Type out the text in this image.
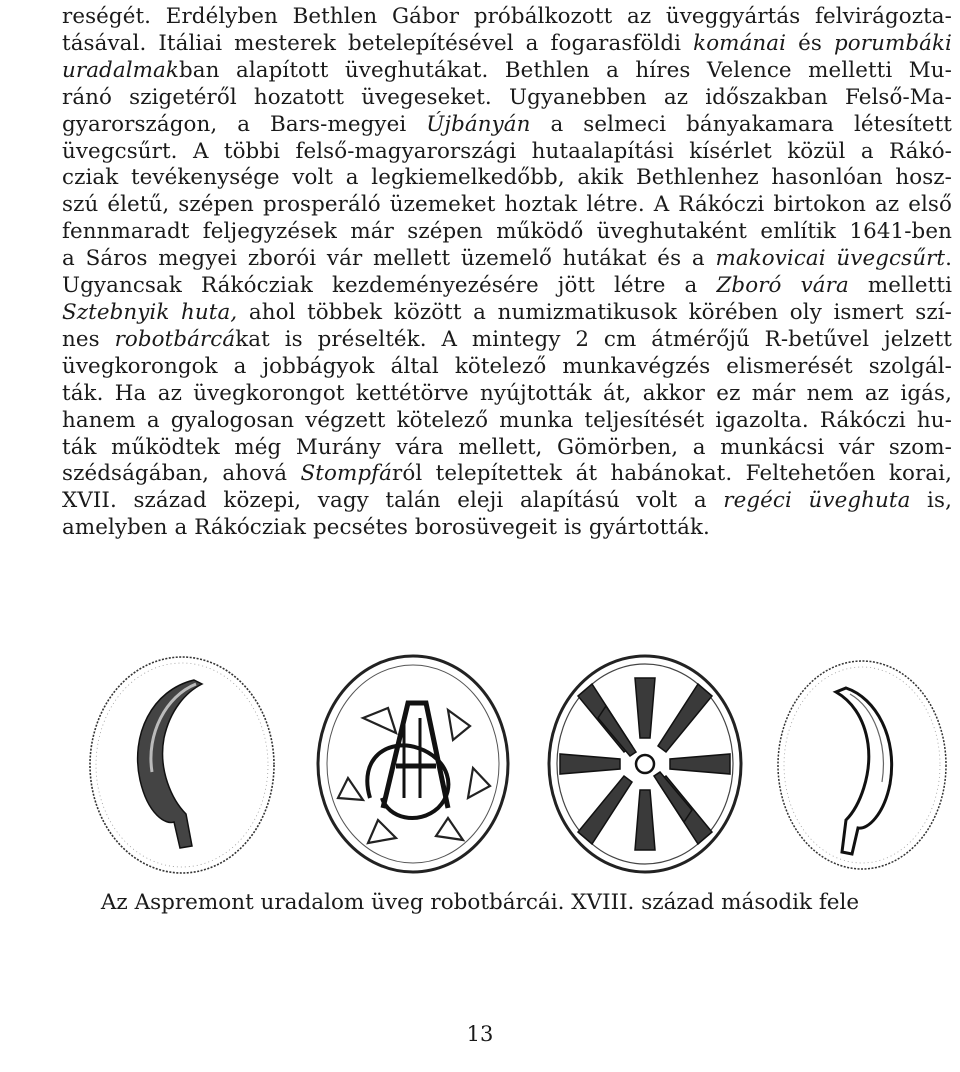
reségét. Erdélyben Bethlen Gábor próbálkozott az üveggyártás felvirágozta-
tásával. Itáliai mesterek betelepítésével a fogarasföldi kománai és porumbáki
uradalmakban alapított üveghutákat. Bethlen a híres Velence melletti Mu-
ránó szigetéről hozatott üvegeseket. Ugyanebben az időszakban Felső-Ma-
gyarországon, a Bars-megyei Újbányán a selmeci bányakamara létesített
üvegcsűrt. A többi felső-magyarországi hutaalapítási kísérlet közül a Rákó-
cziak tevékenysége volt a legkiemelkedőbb, akik Bethlenhez hasonlóan hosz-
szú életű, szépen prosperáló üzemeket hoztak létre. A Rákóczi birtokon az első
fennmaradt feljegyzések már szépen működő üveghutaként említik 1641-ben
a Sáros megyei zborói vár mellett üzemelő hutákat és a makovicai üvegcsűrt.
Ugyancsak Rákócziak kezdeményezésére jött létre a Zboró vára melletti
Sztebnyik huta, ahol többek között a numizmatikusok körében oly ismert szí-
nes robotbárcákat is préselték. A mintegy 2 cm átmérőjű R-betűvel jelzett
üvegkorongok a jobbágyok által kötelező munkavégzés elismerését szolgál-
ták. Ha az üvegkorongot kettétörve nyújtották át, akkor ez már nem az igás,
hanem a gyalogosan végzett kötelező munka teljesítését igazolta. Rákóczi hu-
ták működtek még Murány vára mellett, Gömörben, a munkácsi vár szom-
szédságában, ahová Stompfáról telepítettek át habánokat. Feltehetően korai,
XVII. század közepi, vagy talán eleji alapítású volt a regéci üveghuta is,
amelyben a Rákócziak pecsétes borosüvegeit is gyártották.
Az Aspremont uradalom üveg robotbárcái. XVIII. század második fele
13
